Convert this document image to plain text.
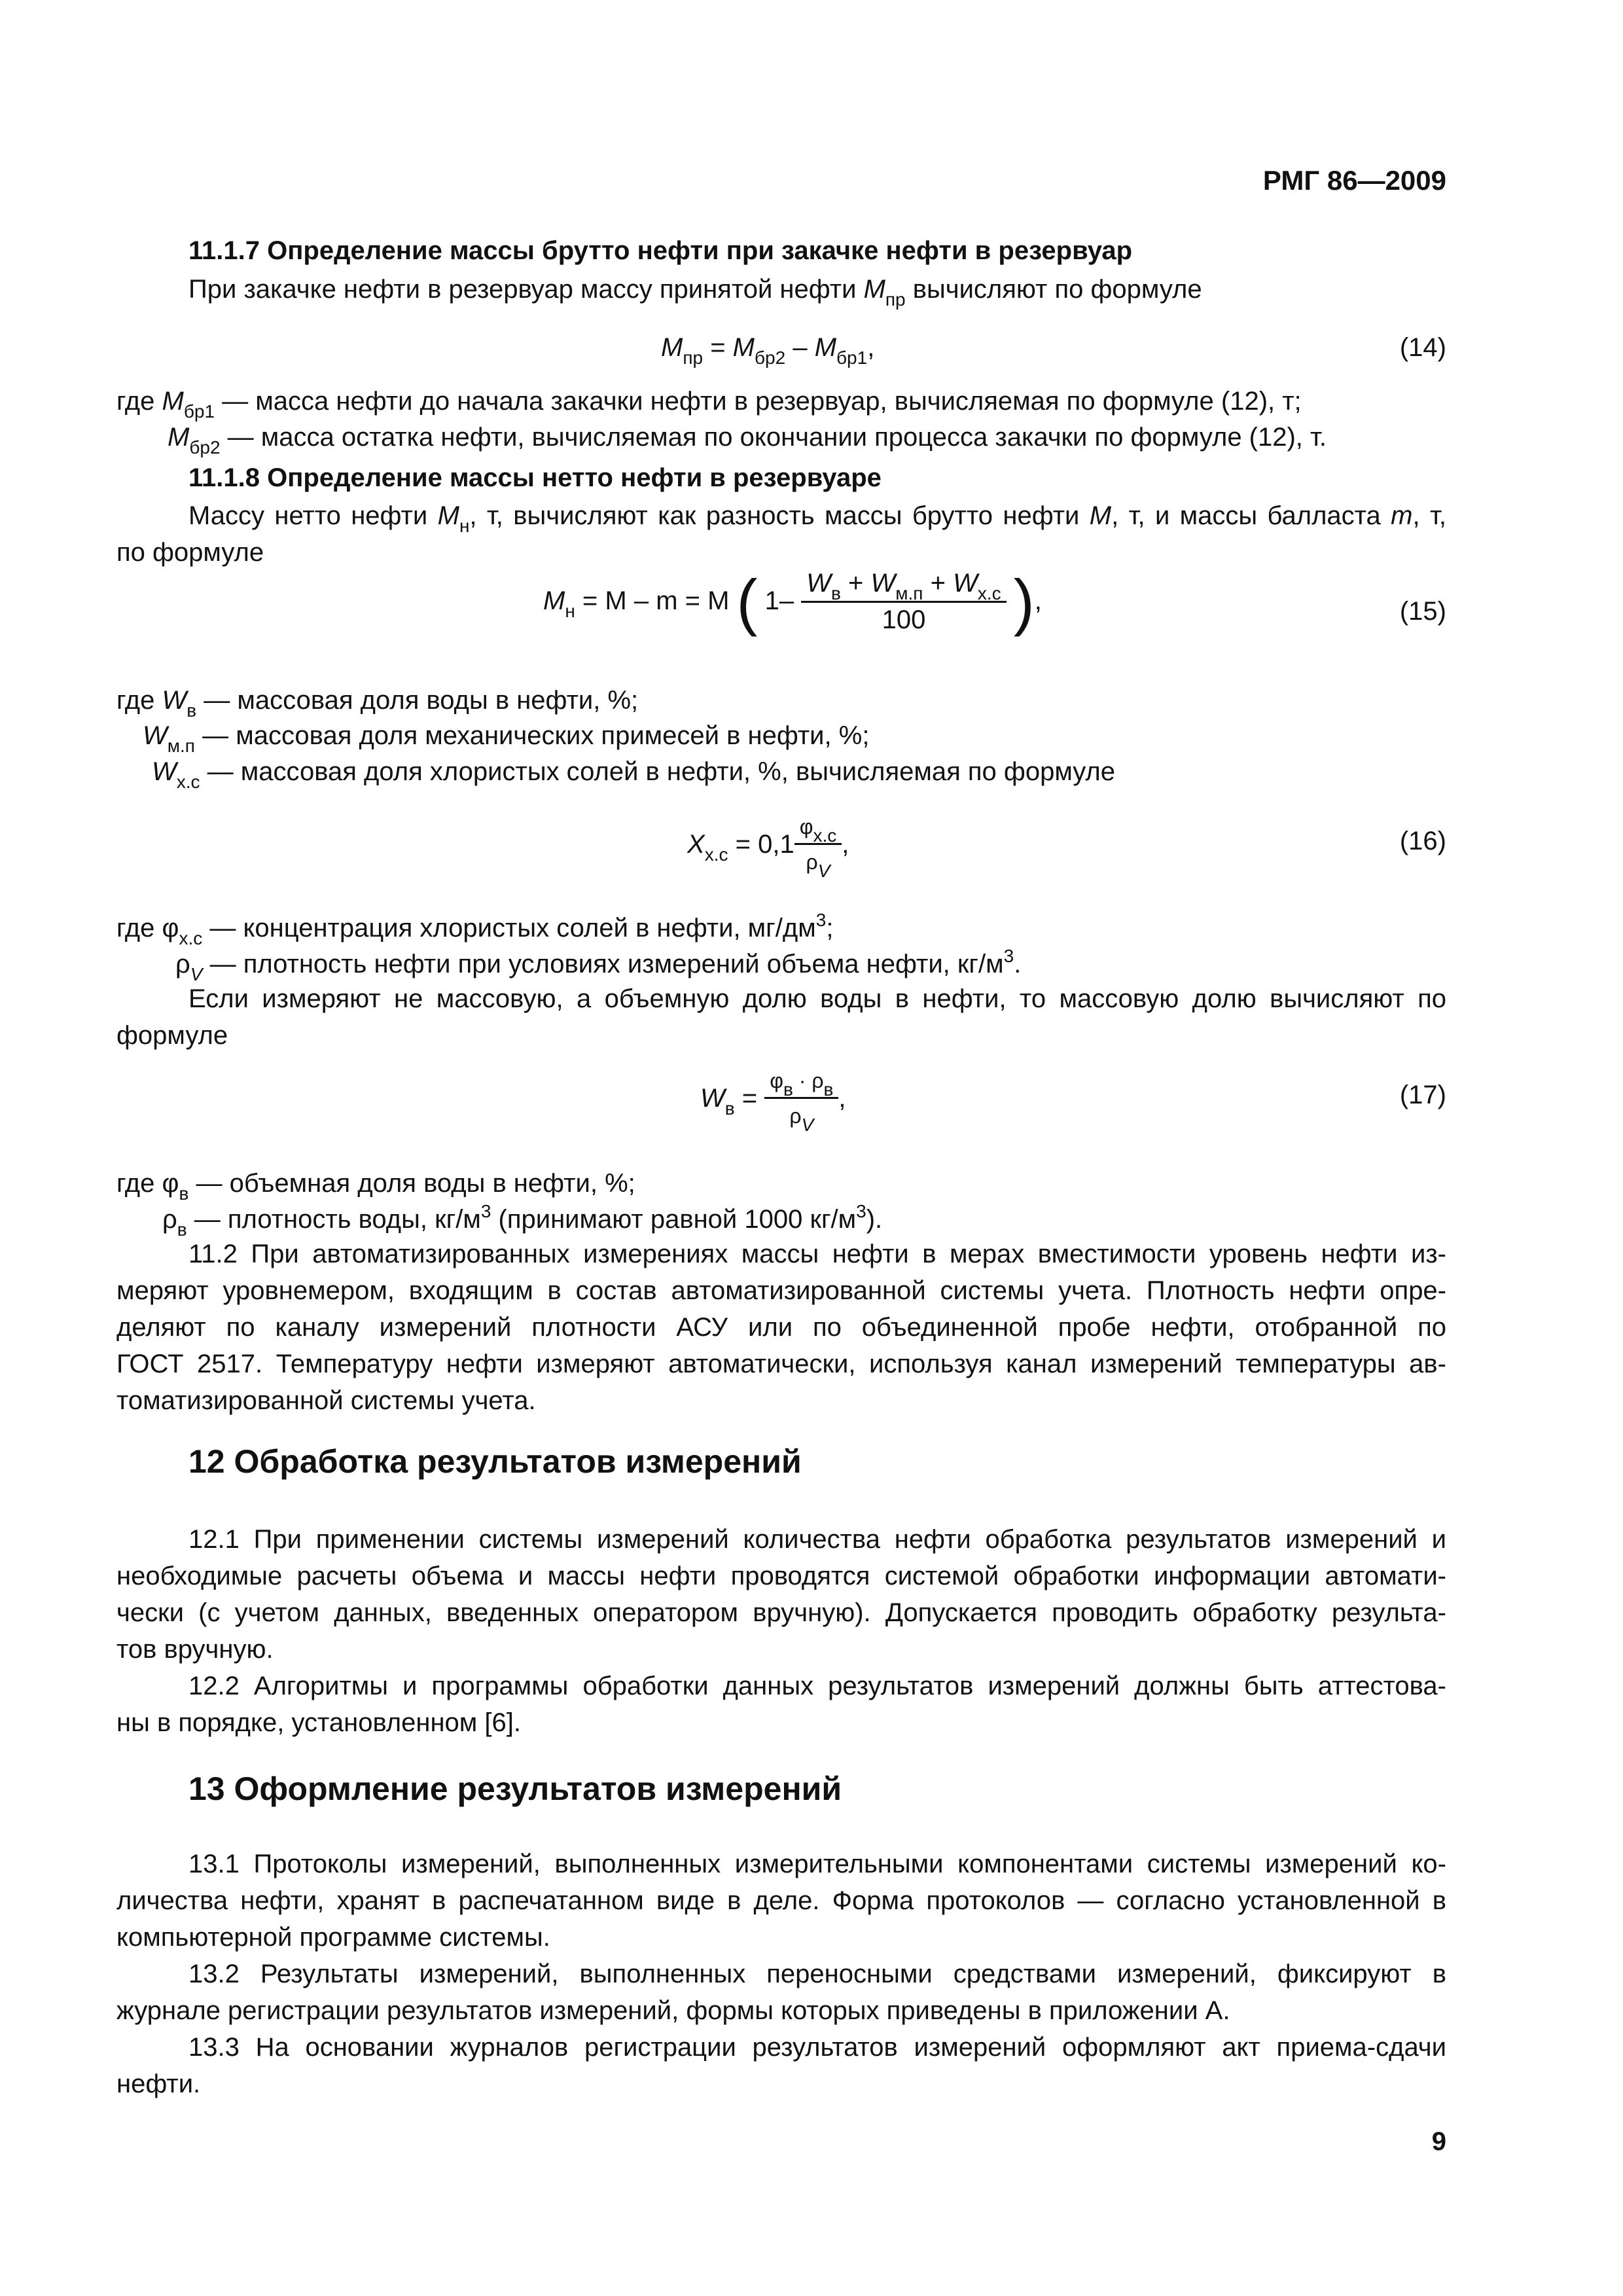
РМГ 86—2009
11.1.7 Определение массы брутто нефти при закачке нефти в резервуар
При закачке нефти в резервуар массу принятой нефти $M_{пр}$ вычисляют по формуле
$M_{пр} = M_{бр2} - M_{бр1}$,	(14)
где $M_{бр1}$ — масса нефти до начала закачки нефти в резервуар, вычисляемая по формуле (12), т;
$M_{бр2}$ — масса остатка нефти, вычисляемая по окончании процесса закачки по формуле (12), т.
11.1.8 Определение массы нетто нефти в резервуаре
Массу нетто нефти $M_н$, т, вычисляют как разность массы брутто нефти M, т, и массы балласта m, т,
по формуле
$M_н = M - m = M$ ( $1- \frac{W_в + W_{м.п} + W_{х.с}}{100}$ ),	(15)
где $W_в$ — массовая доля воды в нефти, %;
$W_{м.п}$ — массовая доля механических примесей в нефти, %;
$W_{х.с}$ — массовая доля хлористых солей в нефти, %, вычисляемая по формуле
$X_{х.с} = 0,1 \frac{\varphi х.с}{\rho V}$ ,	(16)
где $\varphi_{х.с}$ — концентрация хлористых солей в нефти, $мг/дм^3$;
$\rho_V$ — плотность нефти при условиях измерений объема нефти, $кг/м^3$.
Если измеряют не массовую, а объемную долю воды в нефти, то массовую долю вычисляют по
формуле
$W_в = \frac{\varphi в \cdot \rho в}{\rho V}$ ,	(17)
где $\varphi_в$ — объемная доля воды в нефти, %;
$\rho_в$ — плотность воды, $кг/м^3$ (принимают равной 1000 $кг/м^3$).
11.2 При автоматизированных измерениях массы нефти в мерах вместимости уровень нефти из-
меряют уровнемером, входящим в состав автоматизированной системы учета. Плотность нефти опре-
деляют по каналу измерений плотности АСУ или по объединенной пробе нефти, отобранной по
ГОСТ 2517. Температуру нефти измеряют автоматически, используя канал измерений температуры ав-
томатизированной системы учета.
12 Обработка результатов измерений
12.1 При применении системы измерений количества нефти обработка результатов измерений и
необходимые расчеты объема и массы нефти проводятся системой обработки информации автомати-
чески (с учетом данных, введенных оператором вручную). Допускается проводить обработку результа-
тов вручную.
12.2 Алгоритмы и программы обработки данных результатов измерений должны быть аттестова-
ны в порядке, установленном [6].
13 Оформление результатов измерений
13.1 Протоколы измерений, выполненных измерительными компонентами системы измерений ко-
личества нефти, хранят в распечатанном виде в деле. Форма протоколов — согласно установленной в
компьютерной программе системы.
13.2 Результаты измерений, выполненных переносными средствами измерений, фиксируют в
журнале регистрации результатов измерений, формы которых приведены в приложении А.
13.3 На основании журналов регистрации результатов измерений оформляют акт приема-сдачи
нефти.
9
